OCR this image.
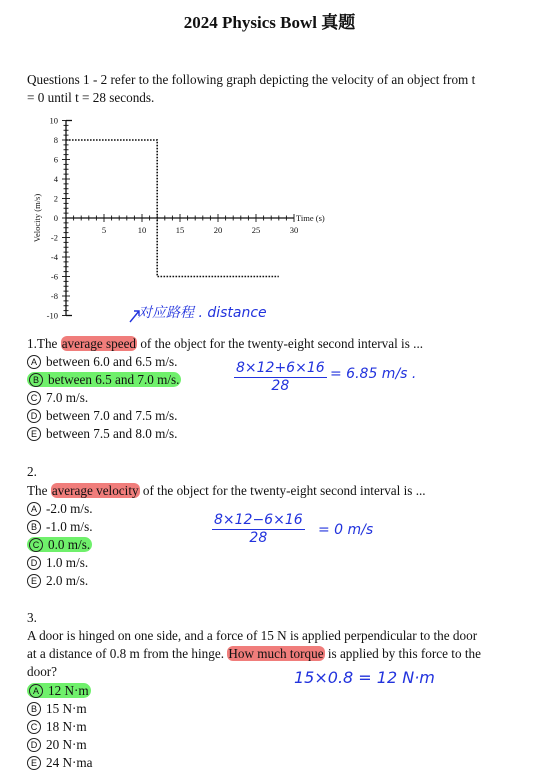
2024 Physics Bowl 真题
Questions 1 - 2 refer to the following graph depicting the velocity of an object from t
= 0 until t = 28 seconds.
10
8
6
4
2
0
-2
-4
-6
-8
-10
5	10	15	20	25	30
Time (s)
Velocity (m/s)
对应路程 . distance
1.The average speed of the object for the twenty-eight second interval is ...
A between 6.0 and 6.5 m/s.
B between 6.5 and 7.0 m/s.
C 7.0 m/s.
D between 7.0 and 7.5 m/s.
E between 7.5 and 8.0 m/s.
$\frac{8\times 12+6\times 16}{28} = 6.85$ m/s .
2.
The average velocity of the object for the twenty-eight second interval is ...
A -2.0 m/s.
B -1.0 m/s.
C 0.0 m/s.
D 1.0 m/s.
E 2.0 m/s.
$\frac{8\times 12-6\times 16}{28} = 0$ m/s
3.
A door is hinged on one side, and a force of 15 N is applied perpendicular to the door
at a distance of 0.8 m from the hinge. How much torque is applied by this force to the
door?
A 12 N·m
B 15 N·m
C 18 N·m
D 20 N·m
E 24 N·ma
15×0.8 = 12 N·m
